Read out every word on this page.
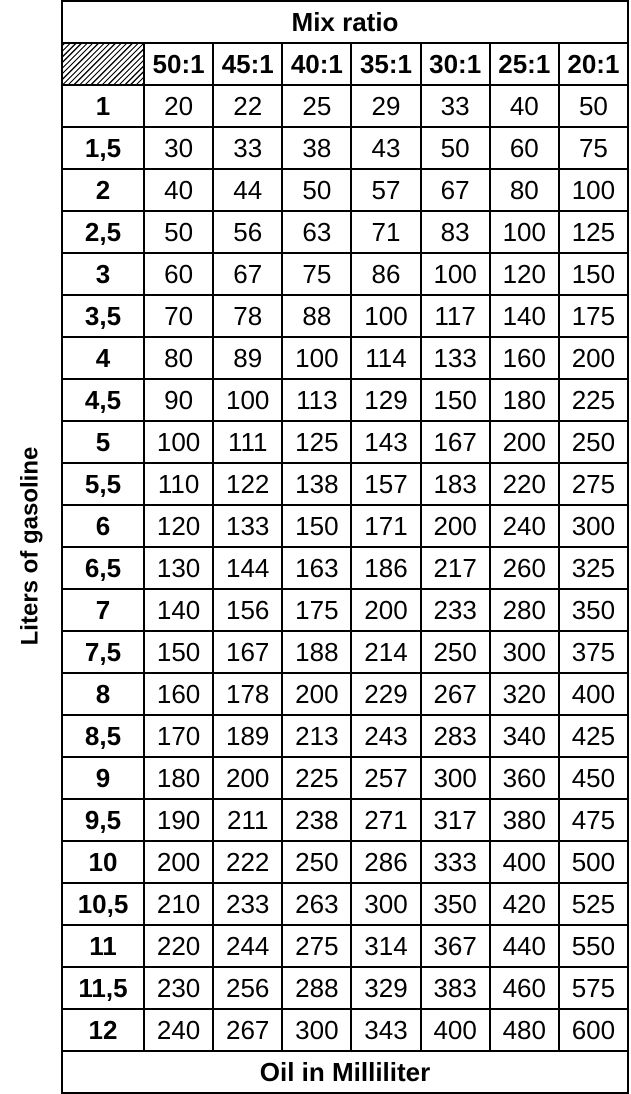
Liters of gasoline
Mix ratio							
	50:1	45:1	40:1	35:1	30:1	25:1	20:1
1	20	22	25	29	33	40	50
1,5	30	33	38	43	50	60	75
2	40	44	50	57	67	80	100
2,5	50	56	63	71	83	100	125
3	60	67	75	86	100	120	150
3,5	70	78	88	100	117	140	175
4	80	89	100	114	133	160	200
4,5	90	100	113	129	150	180	225
5	100	111	125	143	167	200	250
5,5	110	122	138	157	183	220	275
6	120	133	150	171	200	240	300
6,5	130	144	163	186	217	260	325
7	140	156	175	200	233	280	350
7,5	150	167	188	214	250	300	375
8	160	178	200	229	267	320	400
8,5	170	189	213	243	283	340	425
9	180	200	225	257	300	360	450
9,5	190	211	238	271	317	380	475
10	200	222	250	286	333	400	500
10,5	210	233	263	300	350	420	525
11	220	244	275	314	367	440	550
11,5	230	256	288	329	383	460	575
12	240	267	300	343	400	480	600
Oil in Milliliter							
